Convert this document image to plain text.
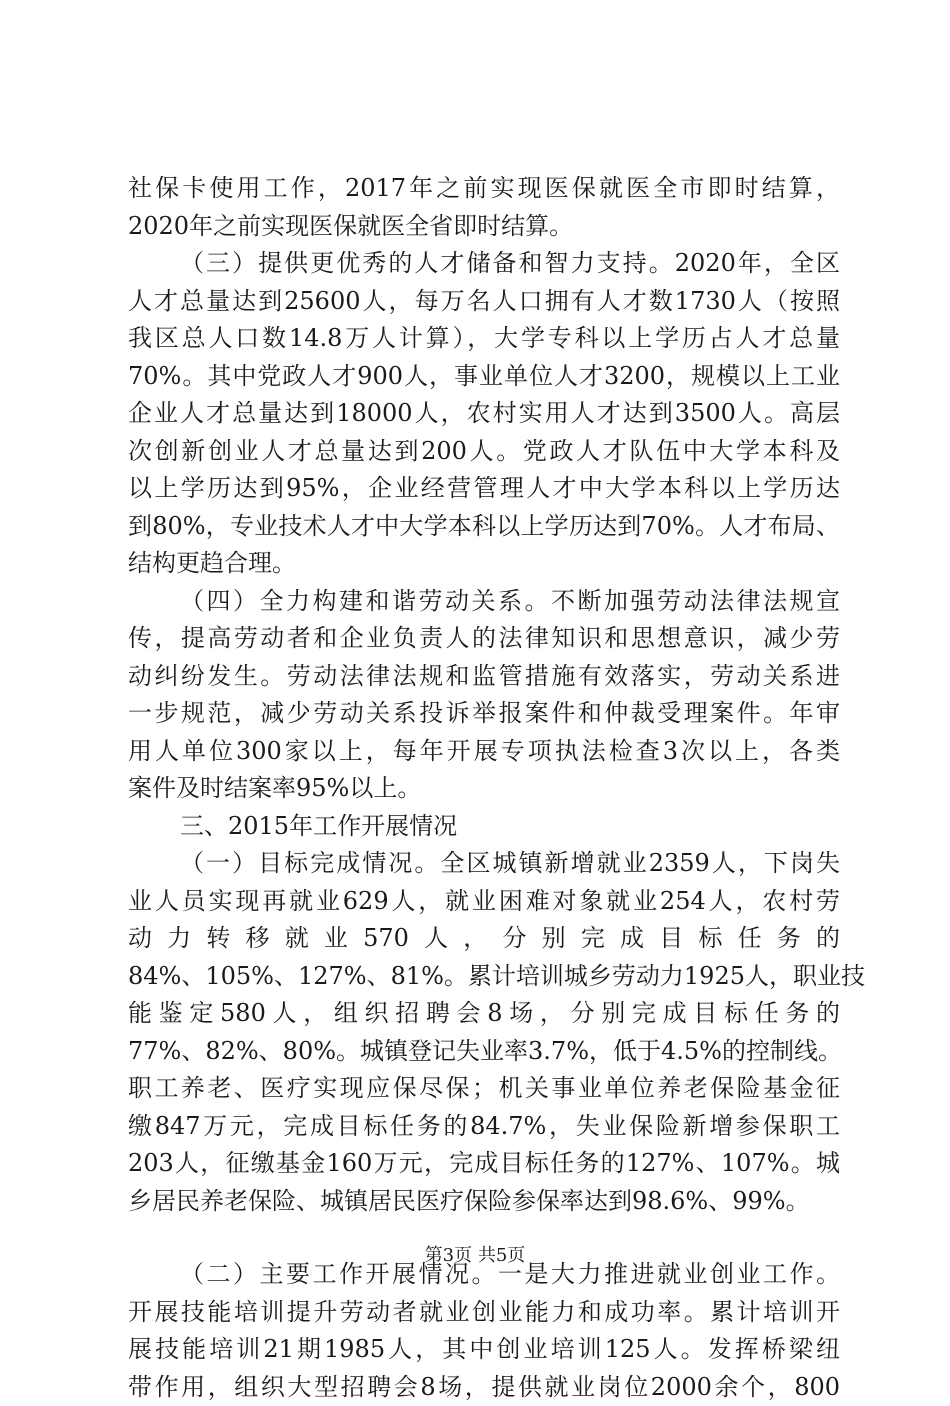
社保卡使用工作，2017年之前实现医保就医全市即时结算，
2020年之前实现医保就医全省即时结算。
（三）提供更优秀的人才储备和智力支持。2020年，全区
人才总量达到25600人，每万名人口拥有人才数1730人（按照
我区总人口数14.8万人计算），大学专科以上学历占人才总量
70%。其中党政人才900人，事业单位人才3200，规模以上工业
企业人才总量达到18000人，农村实用人才达到3500人。高层
次创新创业人才总量达到200人。党政人才队伍中大学本科及
以上学历达到95%，企业经营管理人才中大学本科以上学历达
到80%，专业技术人才中大学本科以上学历达到70%。人才布局、
结构更趋合理。
（四）全力构建和谐劳动关系。不断加强劳动法律法规宣
传，提高劳动者和企业负责人的法律知识和思想意识，减少劳
动纠纷发生。劳动法律法规和监管措施有效落实，劳动关系进
一步规范，减少劳动关系投诉举报案件和仲裁受理案件。年审
用人单位300家以上，每年开展专项执法检查3次以上，各类
案件及时结案率95%以上。
三、2015年工作开展情况
（一）目标完成情况。全区城镇新增就业2359人，下岗失
业人员实现再就业629人，就业困难对象就业254人，农村劳
动力转移就业570人，分别完成目标任务的
84%、105%、127%、81%。累计培训城乡劳动力1925人，职业技
能鉴定580人，组织招聘会8场，分别完成目标任务的
77%、82%、80%。城镇登记失业率3.7%，低于4.5%的控制线。
职工养老、医疗实现应保尽保；机关事业单位养老保险基金征
缴847万元，完成目标任务的84.7%，失业保险新增参保职工
203人，征缴基金160万元，完成目标任务的127%、107%。城
乡居民养老保险、城镇居民医疗保险参保率达到98.6%、99%。
（二）主要工作开展情况。一是大力推进就业创业工作。
开展技能培训提升劳动者就业创业能力和成功率。累计培训开
展技能培训21期1985人，其中创业培训125人。发挥桥梁纽
带作用，组织大型招聘会8场，提供就业岗位2000余个，800
第3页 共5页
